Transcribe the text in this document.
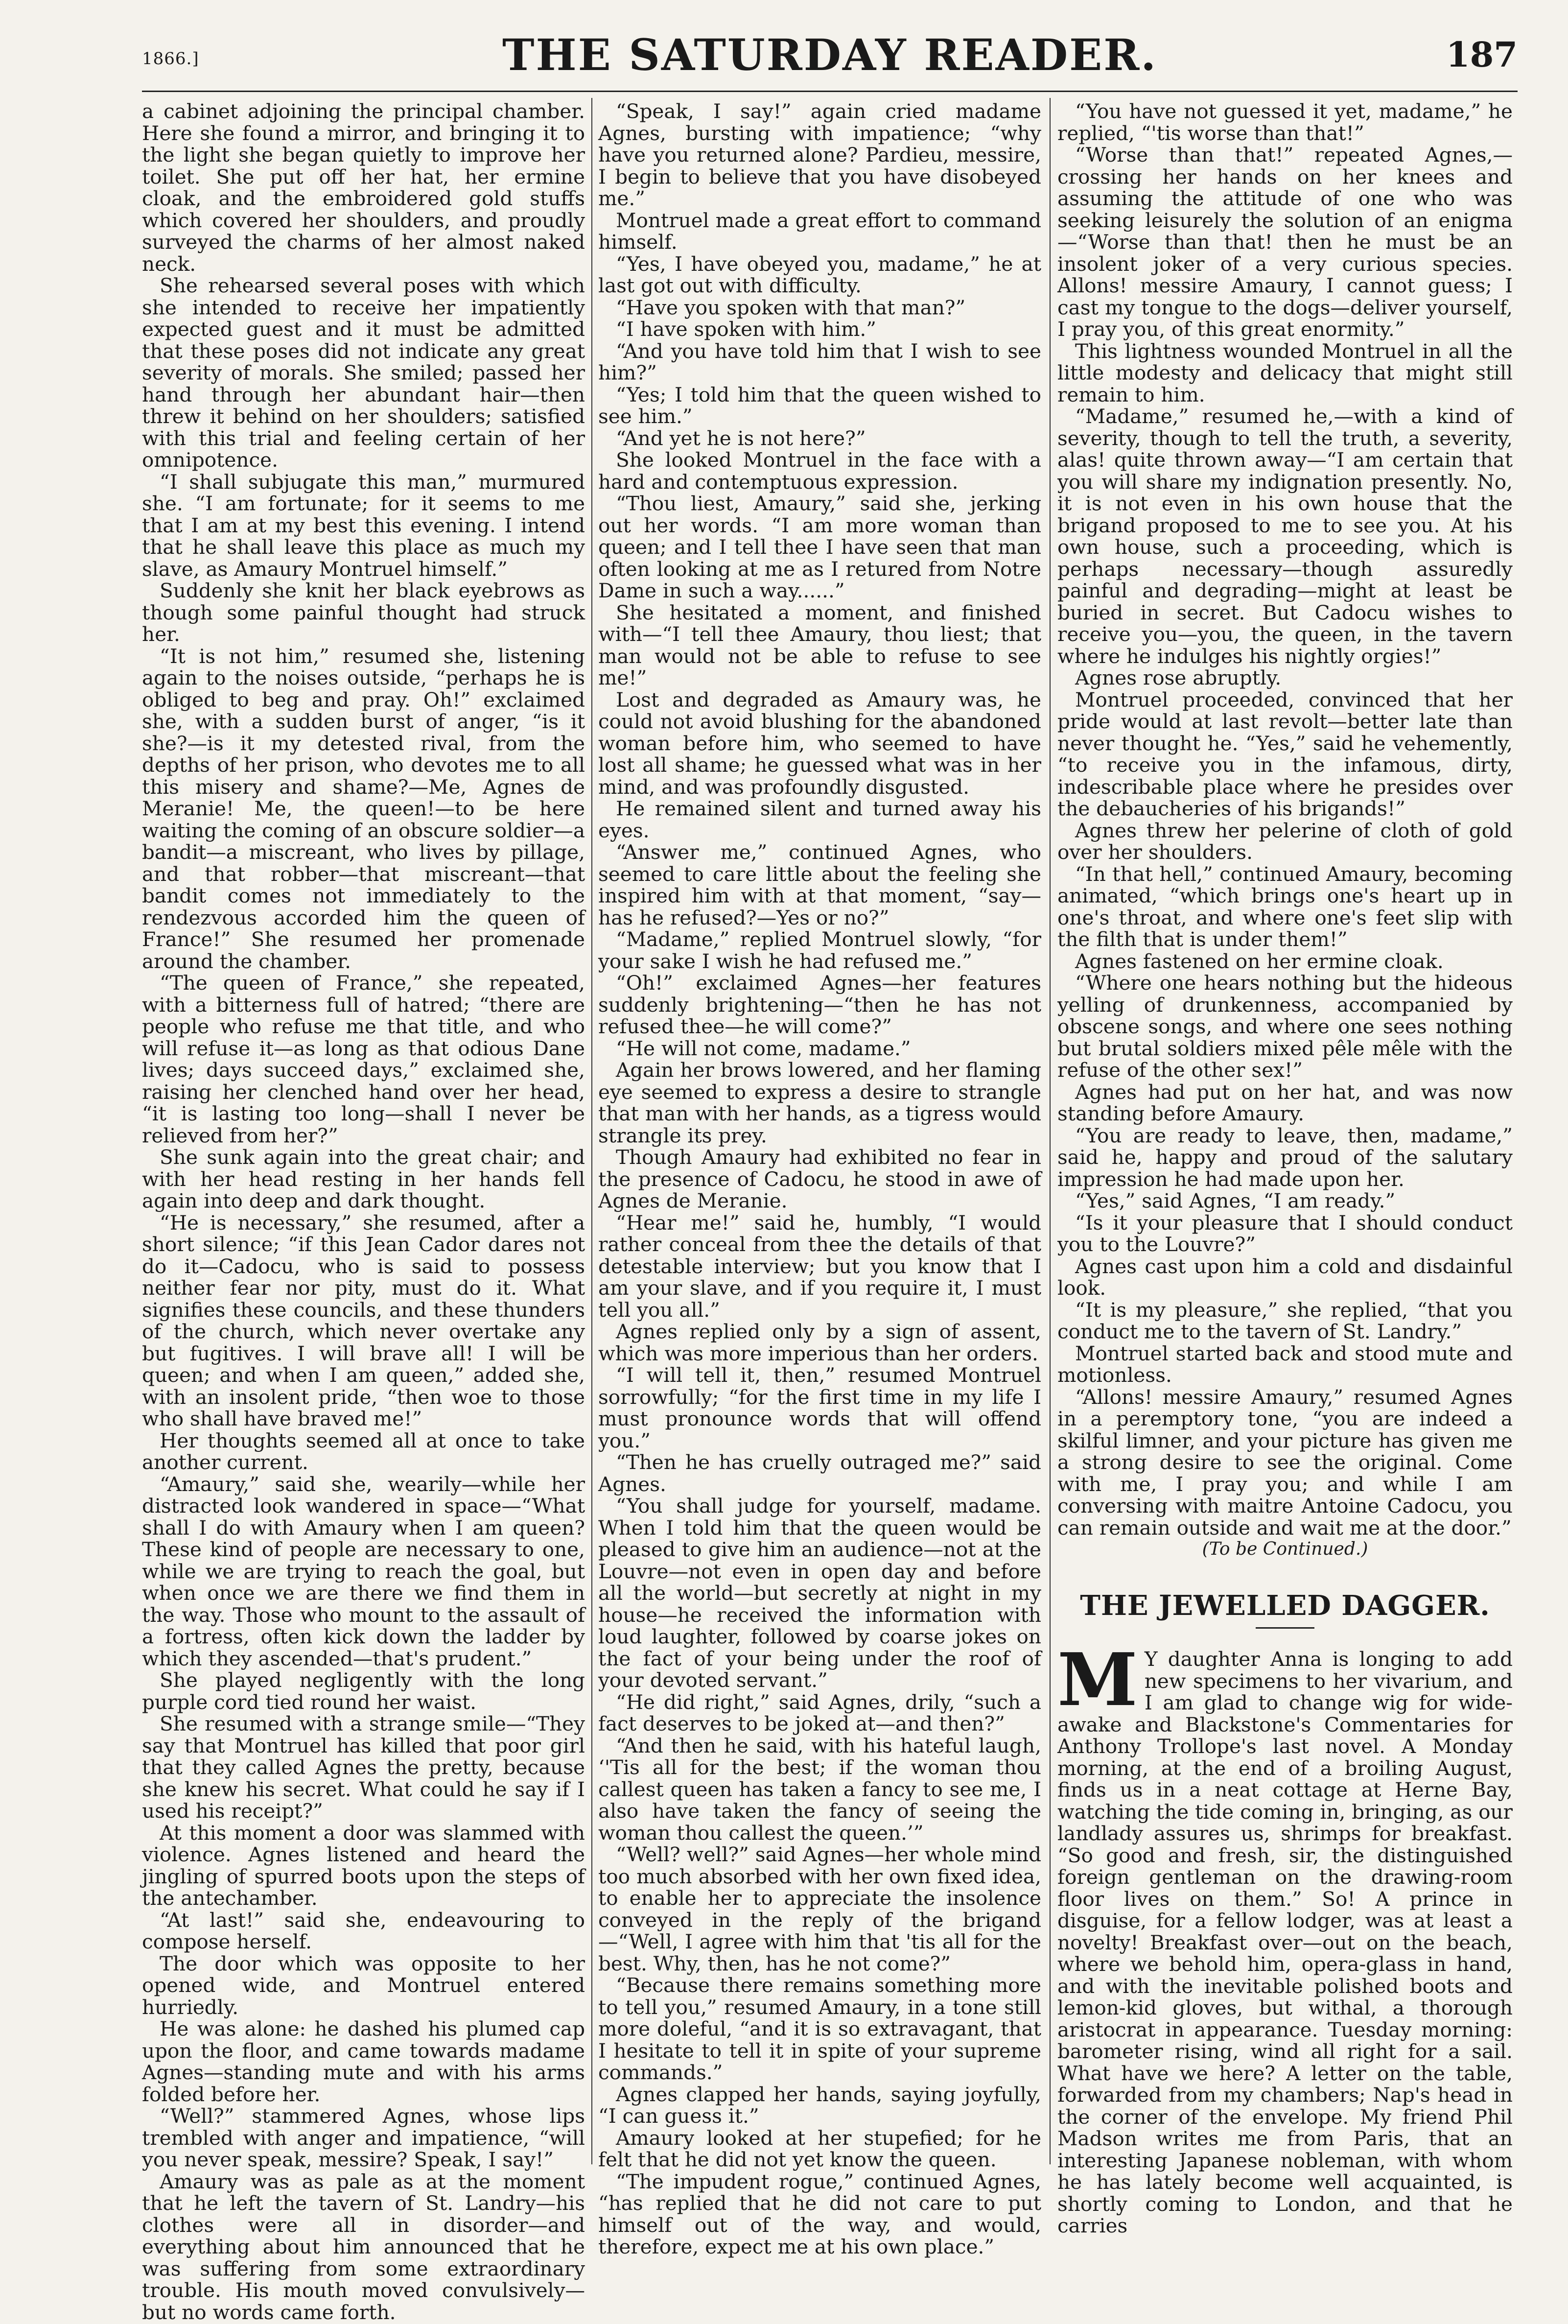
1866.]	THE SATURDAY READER.	187

a cabinet adjoining the principal chamber. Here she found a mirror, and bringing it to the light she began quietly to improve her toilet. She put off her hat, her ermine cloak, and the embroidered gold stuffs which covered her shoulders, and proudly surveyed the charms of her almost naked neck.

She rehearsed several poses with which she intended to receive her impatiently expected guest and it must be admitted that these poses did not indicate any great severity of morals. She smiled; passed her hand through her abundant hair—then threw it behind on her shoulders; satisfied with this trial and feeling certain of her omnipotence.

“I shall subjugate this man,” murmured she. “I am fortunate; for it seems to me that I am at my best this evening. I intend that he shall leave this place as much my slave, as Amaury Montruel himself.”

Suddenly she knit her black eyebrows as though some painful thought had struck her.

“It is not him,” resumed she, listening again to the noises outside, “perhaps he is obliged to beg and pray. Oh!” exclaimed she, with a sudden burst of anger, “is it she?—is it my detested rival, from the depths of her prison, who devotes me to all this misery and shame?—Me, Agnes de Meranie! Me, the queen!—to be here waiting the coming of an obscure soldier—a bandit—a miscreant, who lives by pillage, and that robber—that miscreant—that bandit comes not immediately to the rendezvous accorded him the queen of France!” She resumed her promenade around the chamber.

“The queen of France,” she repeated, with a bitterness full of hatred; “there are people who refuse me that title, and who will refuse it—as long as that odious Dane lives; days succeed days,” exclaimed she, raising her clenched hand over her head, “it is lasting too long—shall I never be relieved from her?”

She sunk again into the great chair; and with her head resting in her hands fell again into deep and dark thought.

“He is necessary,” she resumed, after a short silence; “if this Jean Cador dares not do it—Cadocu, who is said to possess neither fear nor pity, must do it. What signifies these councils, and these thunders of the church, which never overtake any but fugitives. I will brave all! I will be queen; and when I am queen,” added she, with an insolent pride, “then woe to those who shall have braved me!”

Her thoughts seemed all at once to take another current.

“Amaury,” said she, wearily—while her distracted look wandered in space—“What shall I do with Amaury when I am queen? These kind of people are necessary to one, while we are trying to reach the goal, but when once we are there we find them in the way. Those who mount to the assault of a fortress, often kick down the ladder by which they ascended—that's prudent.”

She played negligently with the long purple cord tied round her waist.

She resumed with a strange smile—“They say that Montruel has killed that poor girl that they called Agnes the pretty, because she knew his secret. What could he say if I used his receipt?”

At this moment a door was slammed with violence. Agnes listened and heard the jingling of spurred boots upon the steps of the antechamber.

“At last!” said she, endeavouring to compose herself.

The door which was opposite to her opened wide, and Montruel entered hurriedly.

He was alone: he dashed his plumed cap upon the floor, and came towards madame Agnes—standing mute and with his arms folded before her.

“Well?” stammered Agnes, whose lips trembled with anger and impatience, “will you never speak, messire? Speak, I say!”

Amaury was as pale as at the moment that he left the tavern of St. Landry—his clothes were all in disorder—and everything about him announced that he was suffering from some extraordinary trouble. His mouth moved convulsively—but no words came forth.

“Speak, I say!” again cried madame Agnes, bursting with impatience; “why have you returned alone? Pardieu, messire, I begin to believe that you have disobeyed me.”

Montruel made a great effort to command himself.

“Yes, I have obeyed you, madame,” he at last got out with difficulty.

“Have you spoken with that man?”

“I have spoken with him.”

“And you have told him that I wish to see him?”

“Yes; I told him that the queen wished to see him.”

“And yet he is not here?”

She looked Montruel in the face with a hard and contemptuous expression.

“Thou liest, Amaury,” said she, jerking out her words. “I am more woman than queen; and I tell thee I have seen that man often looking at me as I retured from Notre Dame in such a way......”

She hesitated a moment, and finished with—“I tell thee Amaury, thou liest; that man would not be able to refuse to see me!”

Lost and degraded as Amaury was, he could not avoid blushing for the abandoned woman before him, who seemed to have lost all shame; he guessed what was in her mind, and was profoundly disgusted.

He remained silent and turned away his eyes.

“Answer me,” continued Agnes, who seemed to care little about the feeling she inspired him with at that moment, “say—has he refused?—Yes or no?”

“Madame,” replied Montruel slowly, “for your sake I wish he had refused me.”

“Oh!” exclaimed Agnes—her features suddenly brightening—“then he has not refused thee—he will come?”

“He will not come, madame.”

Again her brows lowered, and her flaming eye seemed to express a desire to strangle that man with her hands, as a tigress would strangle its prey.

Though Amaury had exhibited no fear in the presence of Cadocu, he stood in awe of Agnes de Meranie.

“Hear me!” said he, humbly, “I would rather conceal from thee the details of that detestable interview; but you know that I am your slave, and if you require it, I must tell you all.”

Agnes replied only by a sign of assent, which was more imperious than her orders.

“I will tell it, then,” resumed Montruel sorrowfully; “for the first time in my life I must pronounce words that will offend you.”

“Then he has cruelly outraged me?” said Agnes.

“You shall judge for yourself, madame. When I told him that the queen would be pleased to give him an audience—not at the Louvre—not even in open day and before all the world—but secretly at night in my house—he received the information with loud laughter, followed by coarse jokes on the fact of your being under the roof of your devoted servant.”

“He did right,” said Agnes, drily, “such a fact deserves to be joked at—and then?”

“And then he said, with his hateful laugh, ‘'Tis all for the best; if the woman thou callest queen has taken a fancy to see me, I also have taken the fancy of seeing the woman thou callest the queen.’”

“Well? well?” said Agnes—her whole mind too much absorbed with her own fixed idea, to enable her to appreciate the insolence conveyed in the reply of the brigand—“Well, I agree with him that 'tis all for the best. Why, then, has he not come?”

“Because there remains something more to tell you,” resumed Amaury, in a tone still more doleful, “and it is so extravagant, that I hesitate to tell it in spite of your supreme commands.”

Agnes clapped her hands, saying joyfully, “I can guess it.”

Amaury looked at her stupefied; for he felt that he did not yet know the queen.

“The impudent rogue,” continued Agnes, “has replied that he did not care to put himself out of the way, and would, therefore, expect me at his own place.”

“You have not guessed it yet, madame,” he replied, “'tis worse than that!”

“Worse than that!” repeated Agnes,—crossing her hands on her knees and assuming the attitude of one who was seeking leisurely the solution of an enigma—“Worse than that! then he must be an insolent joker of a very curious species. Allons! messire Amaury, I cannot guess; I cast my tongue to the dogs—deliver yourself, I pray you, of this great enormity.”

This lightness wounded Montruel in all the little modesty and delicacy that might still remain to him.

“Madame,” resumed he,—with a kind of severity, though to tell the truth, a severity, alas! quite thrown away—“I am certain that you will share my indignation presently. No, it is not even in his own house that the brigand proposed to me to see you. At his own house, such a proceeding, which is perhaps necessary—though assuredly painful and degrading—might at least be buried in secret. But Cadocu wishes to receive you—you, the queen, in the tavern where he indulges his nightly orgies!”

Agnes rose abruptly.

Montruel proceeded, convinced that her pride would at last revolt—better late than never thought he. “Yes,” said he vehemently, “to receive you in the infamous, dirty, indescribable place where he presides over the debaucheries of his brigands!”

Agnes threw her pelerine of cloth of gold over her shoulders.

“In that hell,” continued Amaury, becoming animated, “which brings one's heart up in one's throat, and where one's feet slip with the filth that is under them!”

Agnes fastened on her ermine cloak.

“Where one hears nothing but the hideous yelling of drunkenness, accompanied by obscene songs, and where one sees nothing but brutal soldiers mixed pêle mêle with the refuse of the other sex!”

Agnes had put on her hat, and was now standing before Amaury.

“You are ready to leave, then, madame,” said he, happy and proud of the salutary impression he had made upon her.

“Yes,” said Agnes, “I am ready.”

“Is it your pleasure that I should conduct you to the Louvre?”

Agnes cast upon him a cold and disdainful look.

“It is my pleasure,” she replied, “that you conduct me to the tavern of St. Landry.”

Montruel started back and stood mute and motionless.

“Allons! messire Amaury,” resumed Agnes in a peremptory tone, “you are indeed a skilful limner, and your picture has given me a strong desire to see the original. Come with me, I pray you; and while I am conversing with maitre Antoine Cadocu, you can remain outside and wait me at the door.”

(To be Continued.)

THE JEWELLED DAGGER.

M Y daughter Anna is longing to add new specimens to her vivarium, and I am glad to change wig for wide-awake and Blackstone's Commentaries for Anthony Trollope's last novel. A Monday morning, at the end of a broiling August, finds us in a neat cottage at Herne Bay, watching the tide coming in, bringing, as our landlady assures us, shrimps for breakfast. “So good and fresh, sir, the distinguished foreign gentleman on the drawing-room floor lives on them.” So! A prince in disguise, for a fellow lodger, was at least a novelty! Breakfast over—out on the beach, where we behold him, opera-glass in hand, and with the inevitable polished boots and lemon-kid gloves, but withal, a thorough aristocrat in appearance. Tuesday morning: barometer rising, wind all right for a sail. What have we here? A letter on the table, forwarded from my chambers; Nap's head in the corner of the envelope. My friend Phil Madson writes me from Paris, that an interesting Japanese nobleman, with whom he has lately become well acquainted, is shortly coming to London, and that he carries
